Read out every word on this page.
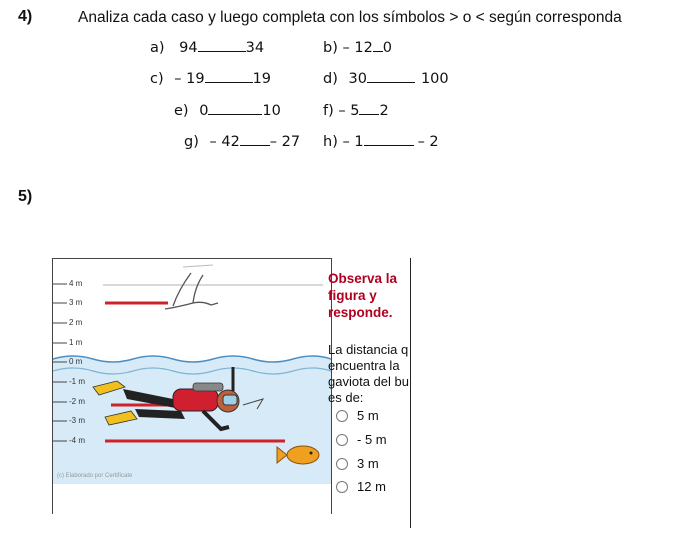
4)	Analiza cada caso y luego completa con los símbolos > o < según corresponda
a) 94	34	b) – 12 0
c) – 19	19	d) 30	100
e) 0	10	f) – 5 2
g) – 42 – 27 h) – 1	– 2
5)
4 m
3 m
2 m
1 m
0 m
-1 m
-2 m
-3 m
-4 m
(c) Elaborado por Certifícate
Observa la
figura y
responde.
La distancia q
encuentra la
gaviota del bu
es de:
5 m
- 5 m
3 m
12 m
